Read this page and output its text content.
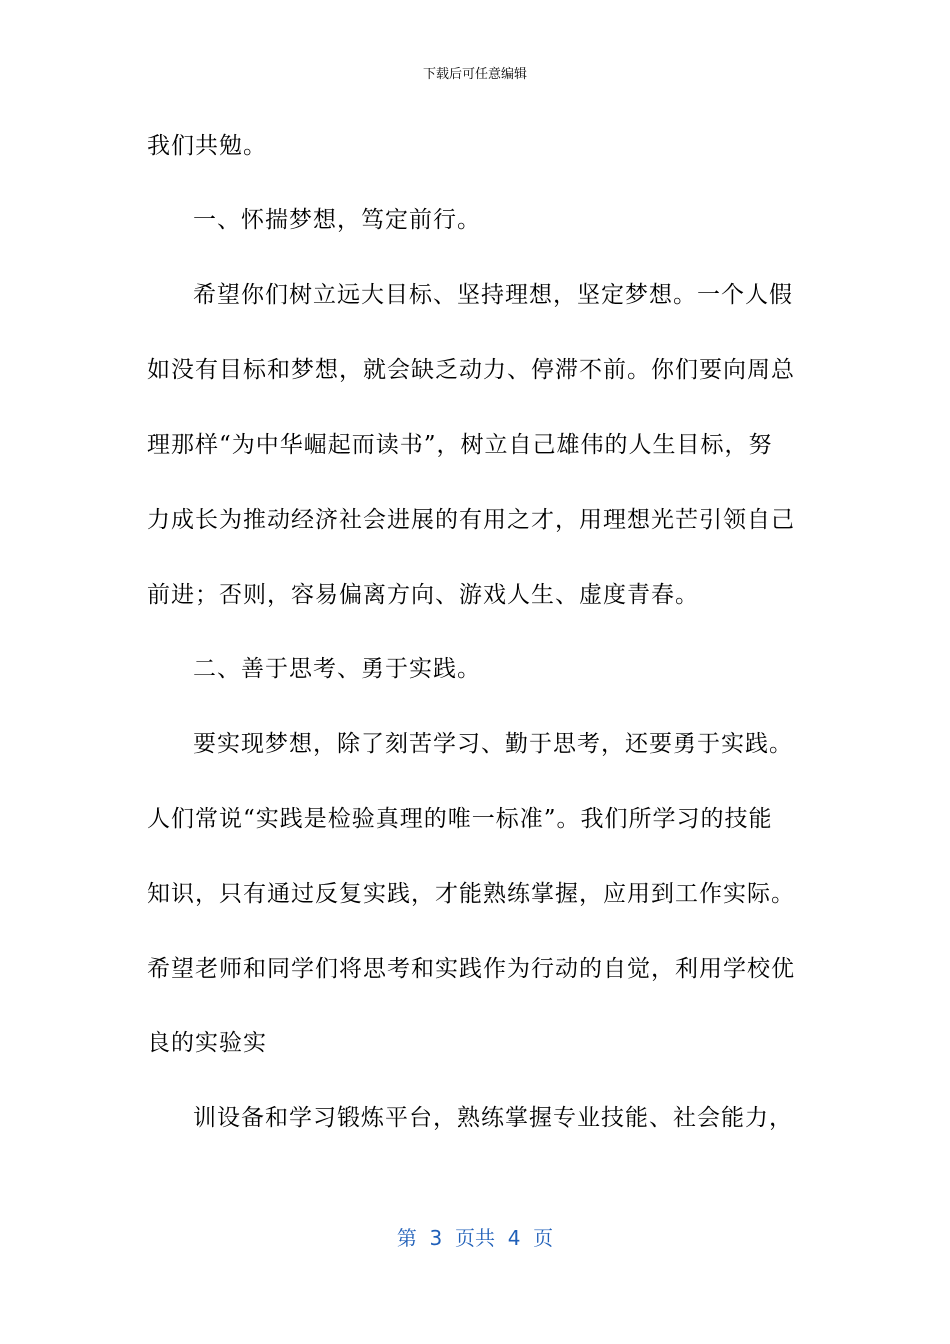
下载后可任意编辑
我们共勉。
一、怀揣梦想，笃定前行。
希望你们树立远大目标、坚持理想，坚定梦想。一个人假
如没有目标和梦想，就会缺乏动力、停滞不前。你们要向周总
理那样“为中华崛起而读书”，树立自己雄伟的人生目标，努
力成长为推动经济社会进展的有用之才，用理想光芒引领自己
前进；否则，容易偏离方向、游戏人生、虚度青春。
二、善于思考、勇于实践。
要实现梦想，除了刻苦学习、勤于思考，还要勇于实践。
人们常说“实践是检验真理的唯一标准”。我们所学习的技能
知识，只有通过反复实践，才能熟练掌握，应用到工作实际。
希望老师和同学们将思考和实践作为行动的自觉，利用学校优
良的实验实
训设备和学习锻炼平台，熟练掌握专业技能、社会能力，
第  3  页共  4  页
